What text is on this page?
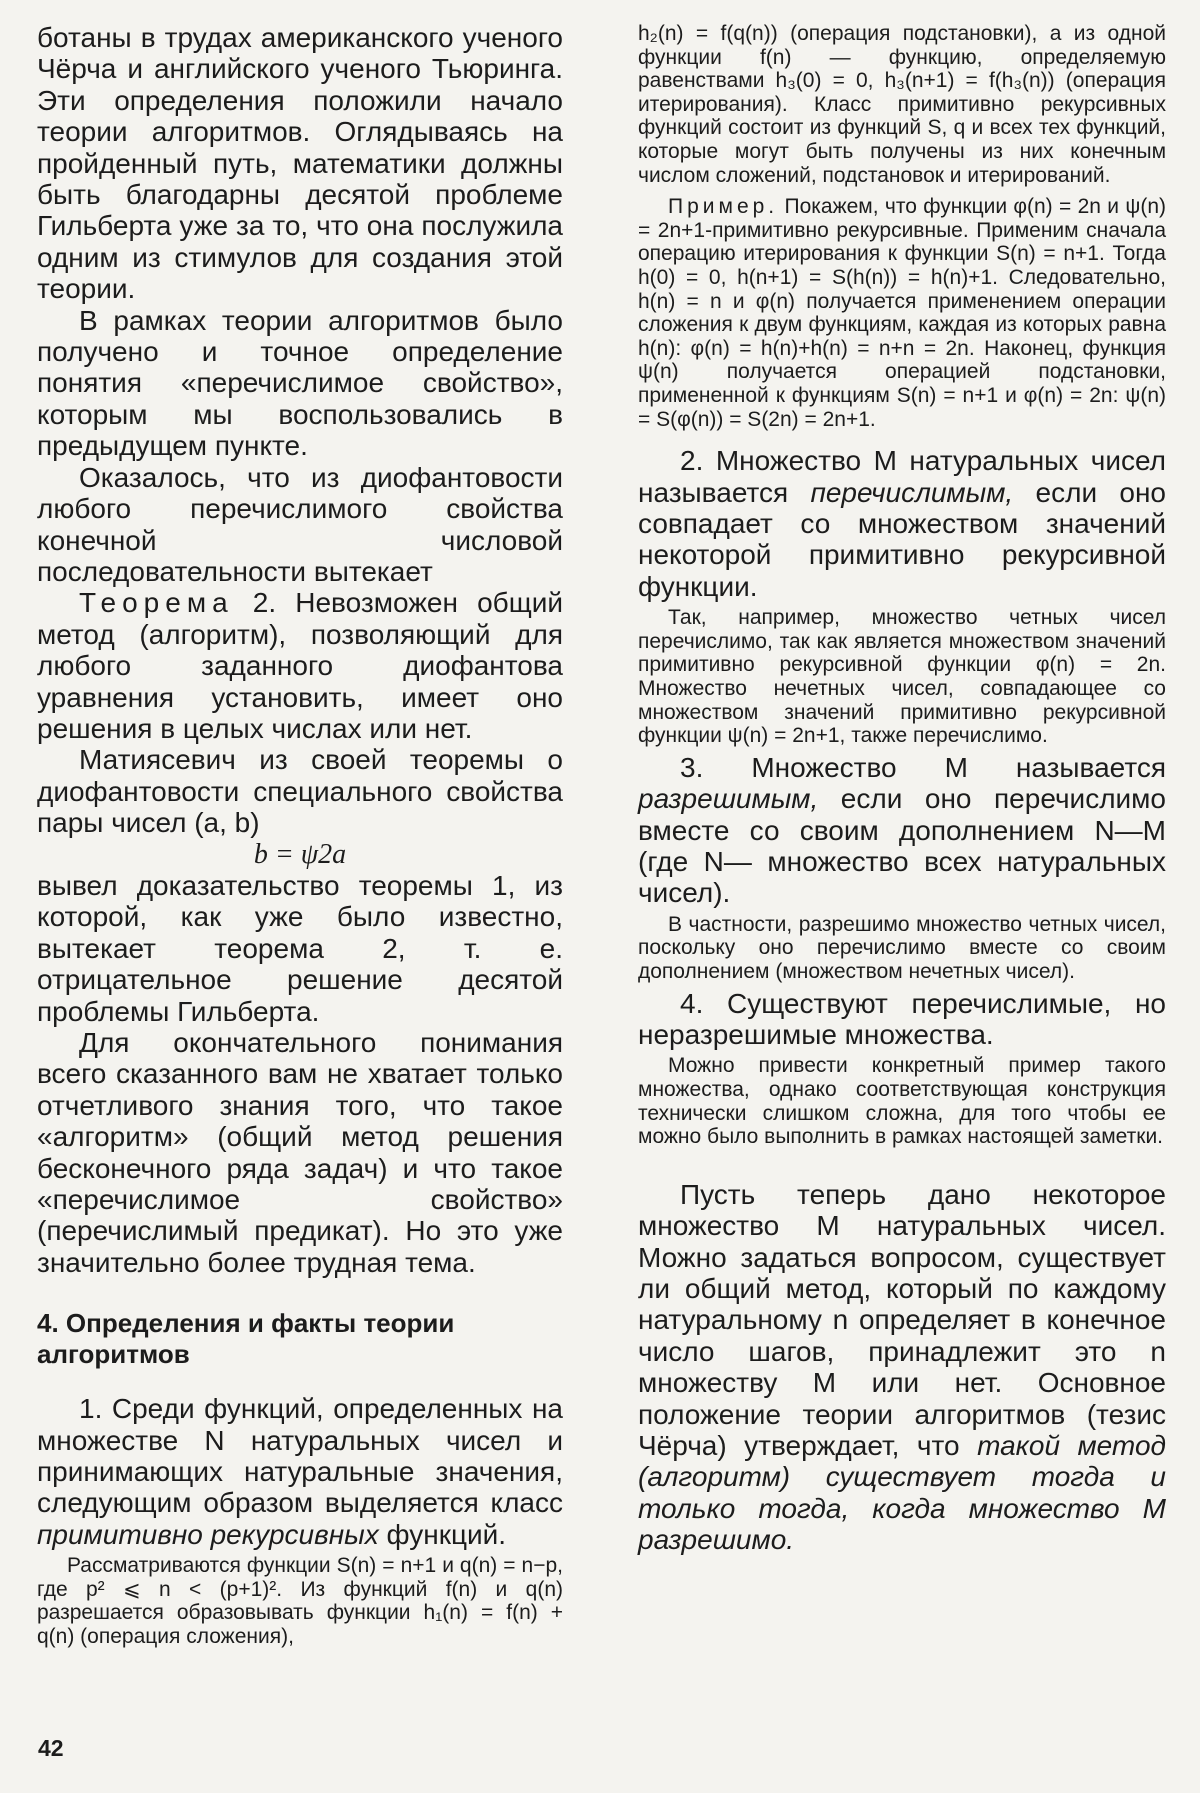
ботаны в трудах американского ученого Чёрча и английского ученого Тьюринга. Эти определения положили начало теории алгоритмов. Оглядываясь на пройденный путь, математики должны быть благодарны десятой проблеме Гильберта уже за то, что она послужила одним из стимулов для создания этой теории.

В рамках теории алгоритмов было получено и точное определение понятия «перечислимое свойство», которым мы воспользовались в предыдущем пункте.

Оказалось, что из диофантовости любого перечислимого свойства конечной числовой последовательности вытекает

Теорема 2. Невозможен общий метод (алгоритм), позволяющий для любого заданного диофантова уравнения установить, имеет оно решения в целых числах или нет.

Матиясевич из своей теоремы о диофантовости специального свойства пары чисел (a, b)

b = ψ2a

вывел доказательство теоремы 1, из которой, как уже было известно, вытекает теорема 2, т. е. отрицательное решение десятой проблемы Гильберта.

Для окончательного понимания всего сказанного вам не хватает только отчетливого знания того, что такое «алгоритм» (общий метод решения бесконечного ряда задач) и что такое «перечислимое свойство» (перечислимый предикат). Но это уже значительно более трудная тема.

4. Определения и факты теории алгоритмов

1. Среди функций, определенных на множестве N натуральных чисел и принимающих натуральные значения, следующим образом выделяется класс примитивно рекурсивных функций.

Рассматриваются функции S(n) = n+1 и q(n) = n−p, где p² ⩽ n < (p+1)². Из функций f(n) и q(n) разрешается образовывать функции h₁(n) = f(n) + q(n) (операция сложения),

h₂(n) = f(q(n)) (операция подстановки), а из одной функции f(n) — функцию, определяемую равенствами h₃(0) = 0, h₃(n+1) = f(h₃(n)) (операция итерирования). Класс примитивно рекурсивных функций состоит из функций S, q и всех тех функций, которые могут быть получены из них конечным числом сложений, подстановок и итерирований.

Пример. Покажем, что функции φ(n) = 2n и ψ(n) = 2n+1-примитивно рекурсивные. Применим сначала операцию итерирования к функции S(n) = n+1. Тогда h(0) = 0, h(n+1) = S(h(n)) = h(n)+1. Следовательно, h(n) = n и φ(n) получается применением операции сложения к двум функциям, каждая из которых равна h(n): φ(n) = h(n)+h(n) = n+n = 2n. Наконец, функция ψ(n) получается операцией подстановки, примененной к функциям S(n) = n+1 и φ(n) = 2n: ψ(n) = S(φ(n)) = S(2n) = 2n+1.

2. Множество M натуральных чисел называется перечислимым, если оно совпадает со множеством значений некоторой примитивно рекурсивной функции.

Так, например, множество четных чисел перечислимо, так как является множеством значений примитивно рекурсивной функции φ(n) = 2n. Множество нечетных чисел, совпадающее со множеством значений примитивно рекурсивной функции ψ(n) = 2n+1, также перечислимо.

3. Множество M называется разрешимым, если оно перечислимо вместе со своим дополнением N—M (где N— множество всех натуральных чисел).

В частности, разрешимо множество четных чисел, поскольку оно перечислимо вместе со своим дополнением (множеством нечетных чисел).

4. Существуют перечислимые, но неразрешимые множества.

Можно привести конкретный пример такого множества, однако соответствующая конструкция технически слишком сложна, для того чтобы ее можно было выполнить в рамках настоящей заметки.

Пусть теперь дано некоторое множество M натуральных чисел. Можно задаться вопросом, существует ли общий метод, который по каждому натуральному n определяет в конечное число шагов, принадлежит это n множеству M или нет. Основное положение теории алгоритмов (тезис Чёрча) утверждает, что такой метод (алгоритм) существует тогда и только тогда, когда множество M разрешимо.

42
